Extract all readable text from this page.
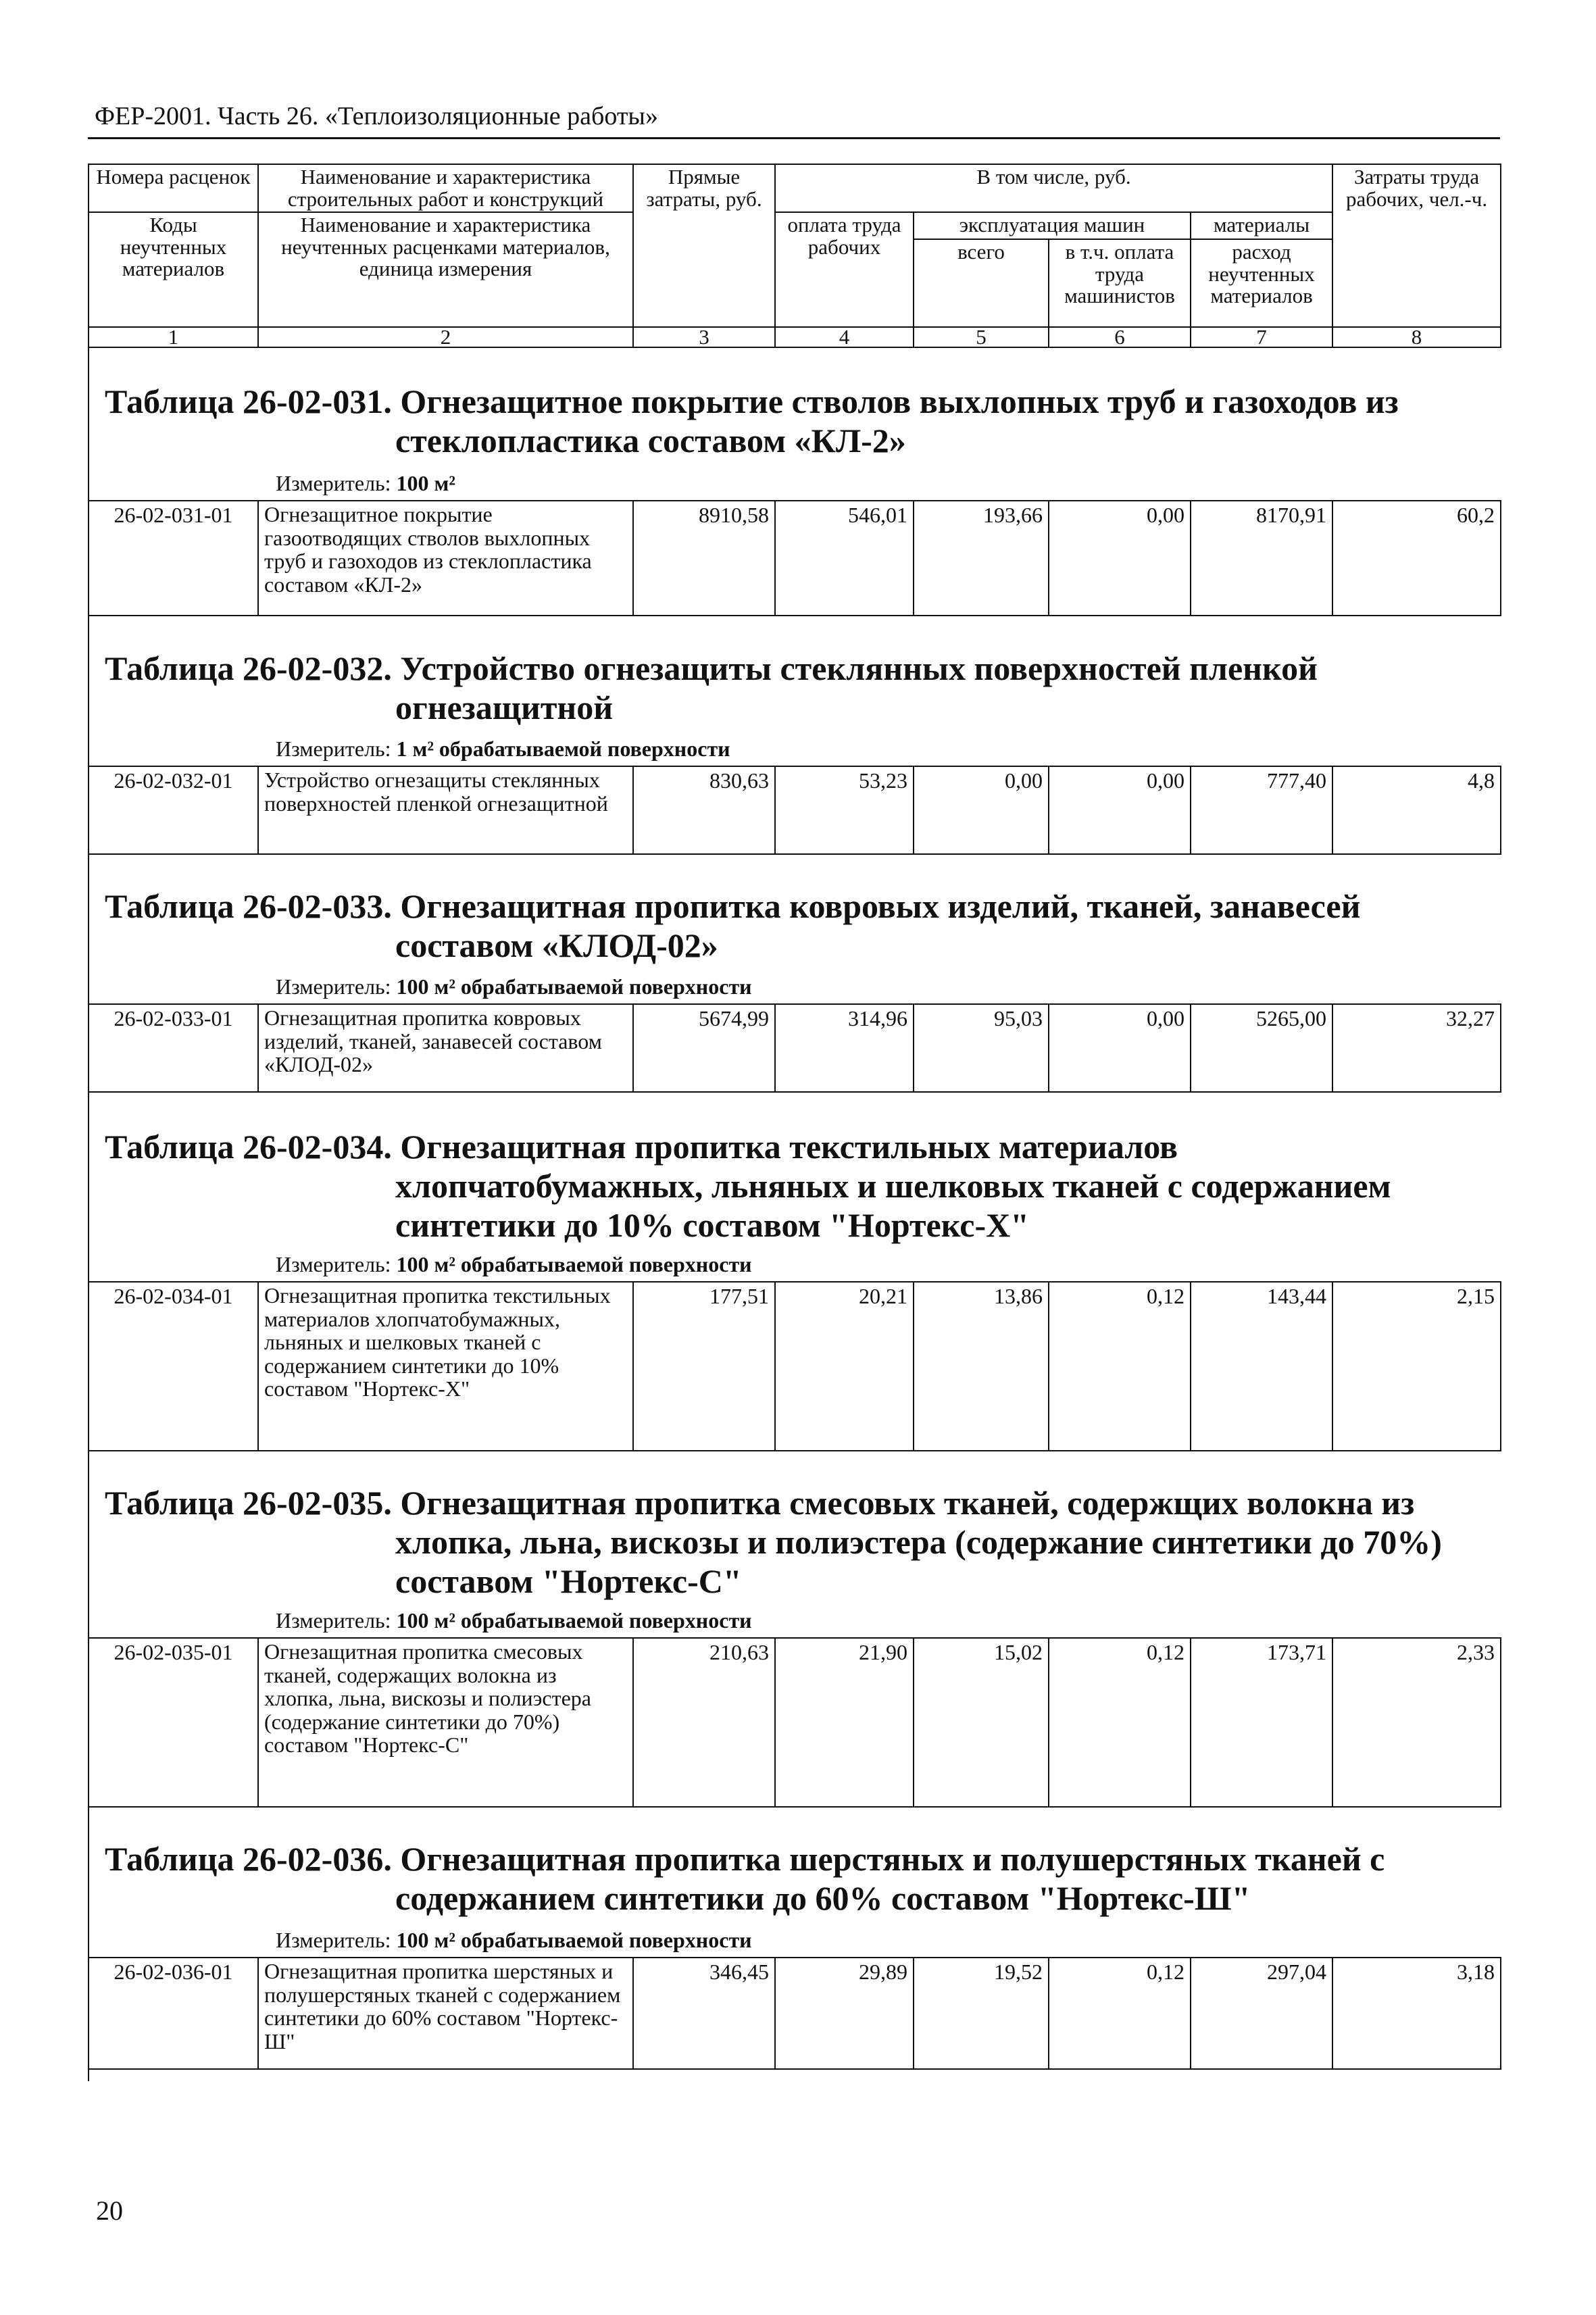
ФЕР-2001. Часть 26. «Теплоизоляционные работы»
Номера расценок	Наименование и характеристика строительных работ и конструкций	Прямые затраты, руб.	В том числе, руб.				Затраты труда рабочих, чел.-ч.
Коды неучтенных материалов	Наименование и характеристика неучтенных расценками материалов, единица измерения		оплата труда рабочих	эксплуатация машин		материалы	
				всего	в т.ч. оплата труда машинистов	расход неучтенных материалов	
1	2	3	4	5	6	7	8
Таблица 26-02-031. Огнезащитное покрытие стволов выхлопных труб и газоходов из
стеклопластика составом «КЛ-2»
Измеритель: 100 м²
26-02-031-01	Огнезащитное покрытие газоотводящих стволов выхлопных труб и газоходов из стеклопластика составом «КЛ-2»	8910,58	546,01	193,66	0,00	8170,91	60,2
Таблица 26-02-032. Устройство огнезащиты стеклянных поверхностей пленкой
огнезащитной
Измеритель: 1 м² обрабатываемой поверхности
26-02-032-01	Устройство огнезащиты стеклянных поверхностей пленкой огнезащитной	830,63	53,23	0,00	0,00	777,40	4,8
Таблица 26-02-033. Огнезащитная пропитка ковровых изделий, тканей, занавесей
составом «КЛОД-02»
Измеритель: 100 м² обрабатываемой поверхности
26-02-033-01	Огнезащитная пропитка ковровых изделий, тканей, занавесей составом «КЛОД-02»	5674,99	314,96	95,03	0,00	5265,00	32,27
Таблица 26-02-034. Огнезащитная пропитка текстильных материалов
хлопчатобумажных, льняных и шелковых тканей с содержанием
синтетики до 10% составом "Нортекс-Х"
Измеритель: 100 м² обрабатываемой поверхности
26-02-034-01	Огнезащитная пропитка текстильных материалов хлопчатобумажных, льняных и шелковых тканей с содержанием синтетики до 10% составом "Нортекс-Х"	177,51	20,21	13,86	0,12	143,44	2,15
Таблица 26-02-035. Огнезащитная пропитка смесовых тканей, содержщих волокна из
хлопка, льна, вискозы и полиэстера (содержание синтетики до 70%)
составом "Нортекс-С"
Измеритель: 100 м² обрабатываемой поверхности
26-02-035-01	Огнезащитная пропитка смесовых тканей, содержащих волокна из хлопка, льна, вискозы и полиэстера (содержание синтетики до 70%) составом "Нортекс-С"	210,63	21,90	15,02	0,12	173,71	2,33
Таблица 26-02-036. Огнезащитная пропитка шерстяных и полушерстяных тканей с
содержанием синтетики до 60% составом "Нортекс-Ш"
Измеритель: 100 м² обрабатываемой поверхности
26-02-036-01	Огнезащитная пропитка шерстяных и полушерстяных тканей с содержанием синтетики до 60% составом "Нортекс-Ш"	346,45	29,89	19,52	0,12	297,04	3,18
20
